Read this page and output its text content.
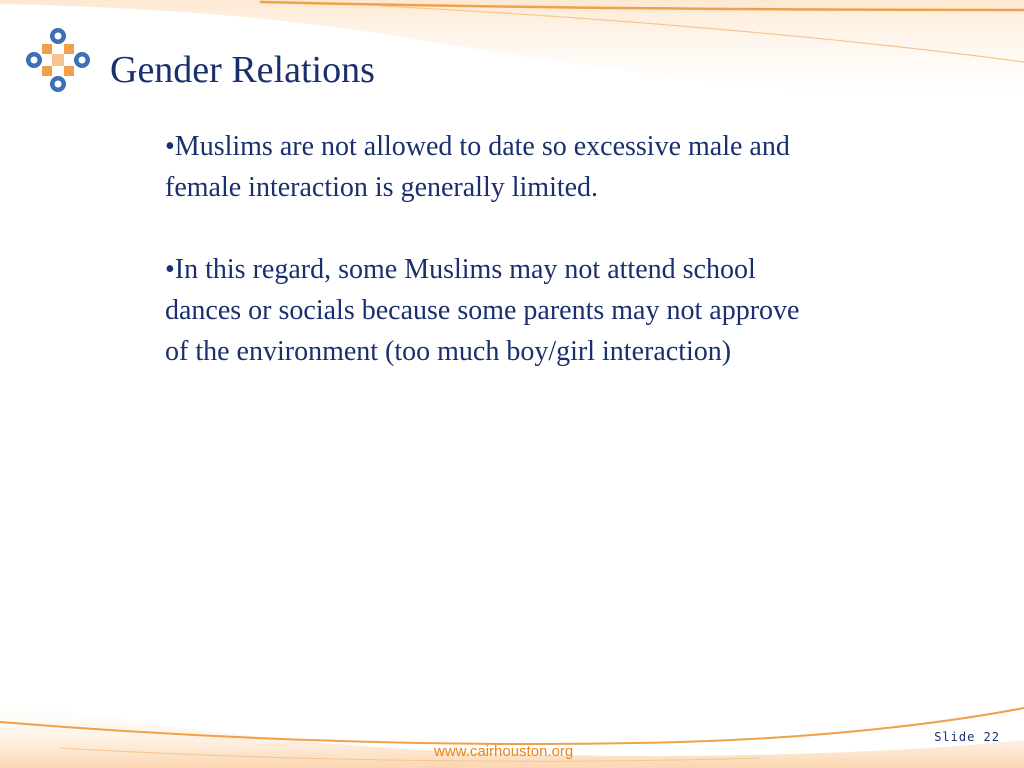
Gender Relations

•Muslims are not allowed to date so excessive male and female interaction is generally limited.

•In this regard, some Muslims may not attend school dances or socials because some parents may not approve of the environment (too much boy/girl interaction)

Slide 22
www.cairhouston.org
